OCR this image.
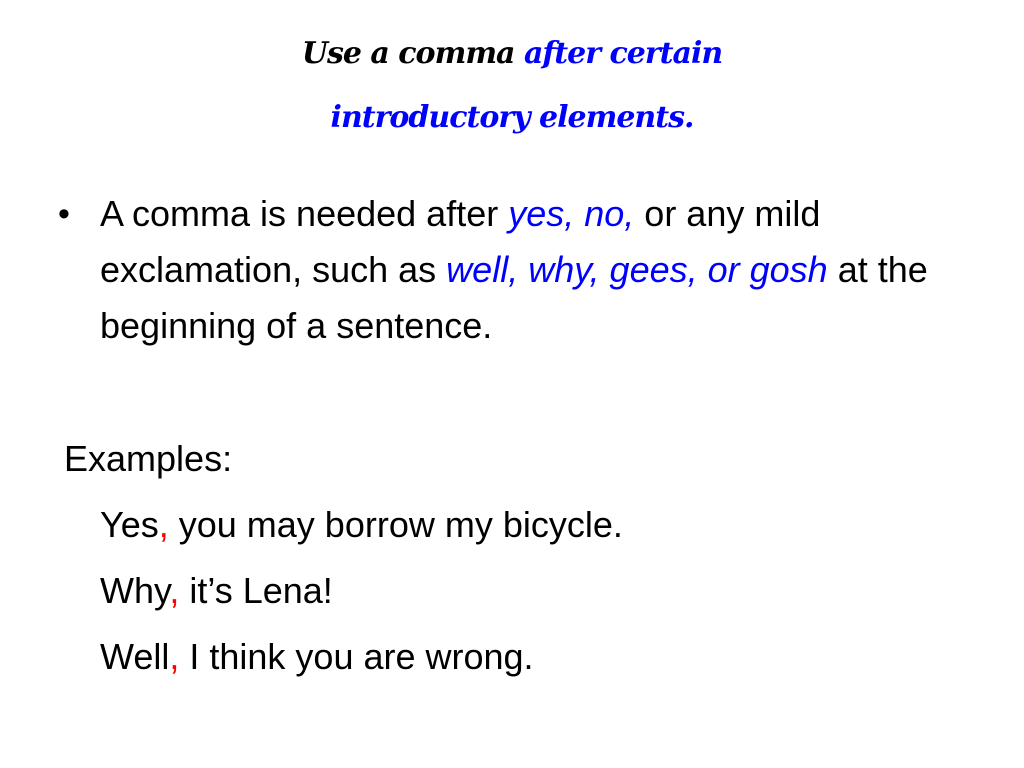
Use a comma after certain
introductory elements.
• A comma is needed after yes, no, or any mild exclamation, such as well, why, gees, or gosh at the beginning of a sentence.
Examples:
Yes, you may borrow my bicycle.
Why, it’s Lena!
Well, I think you are wrong.
